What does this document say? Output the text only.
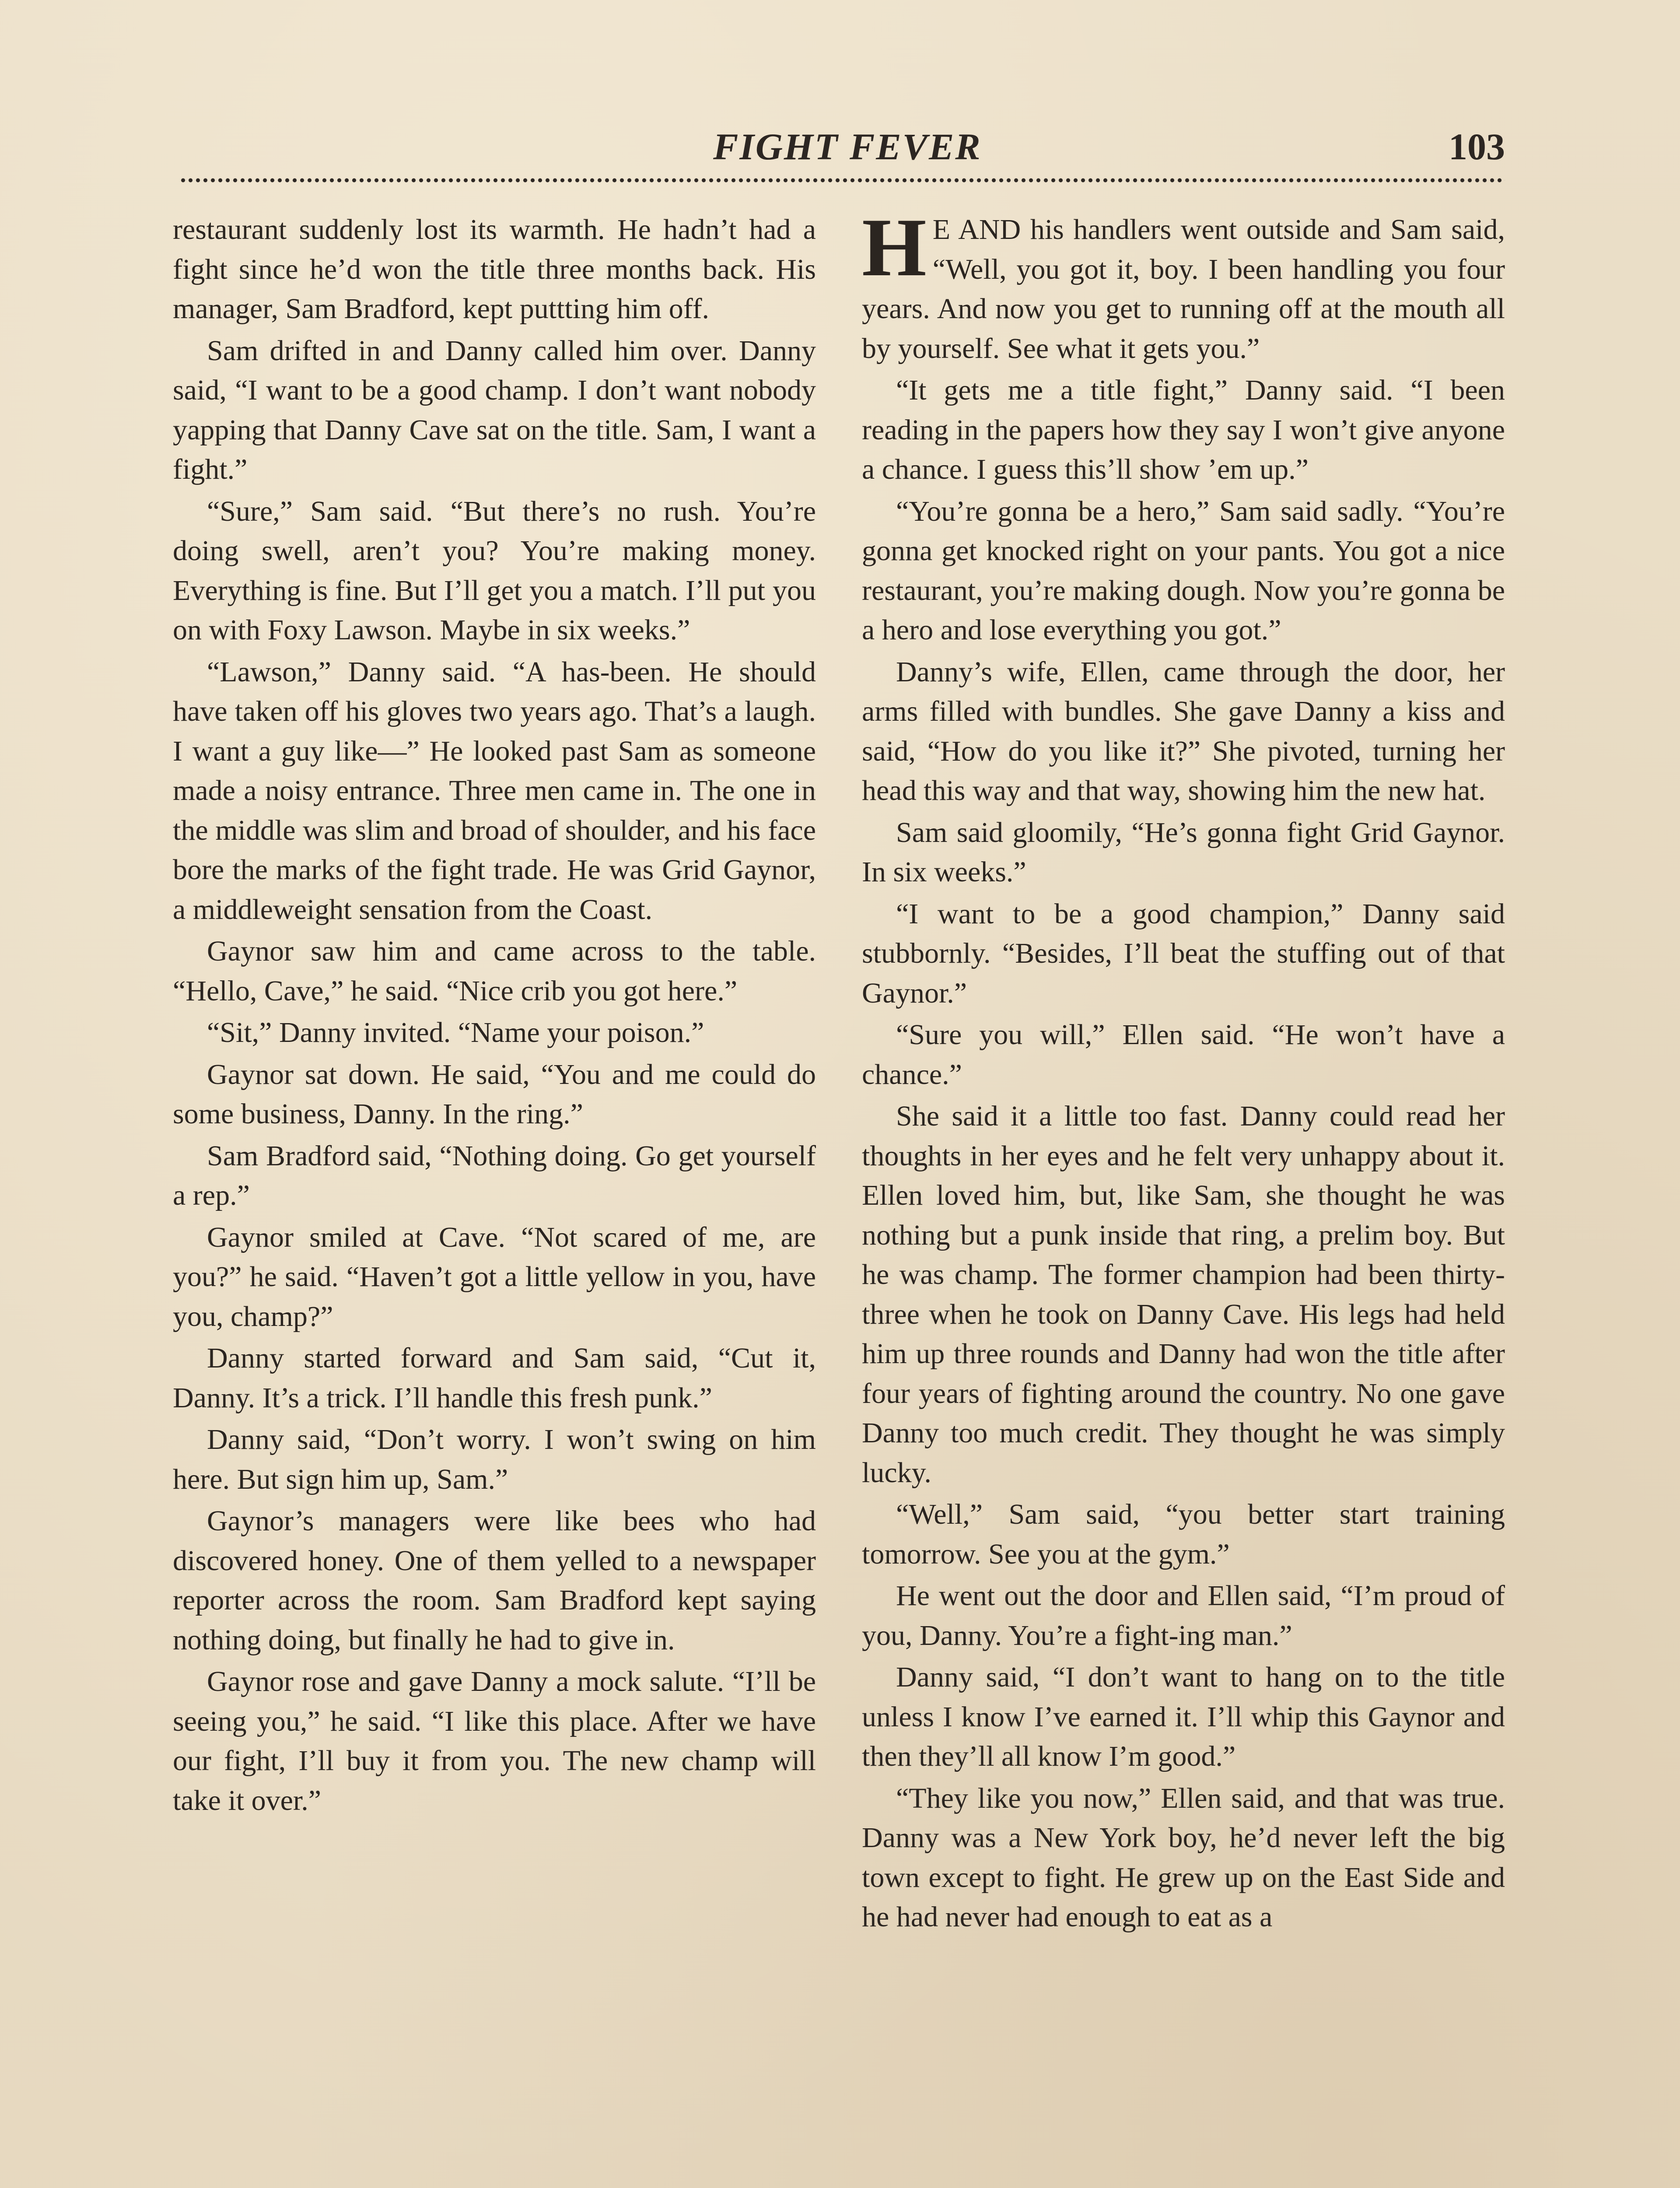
FIGHT FEVER	103

restaurant suddenly lost its warmth. He hadn’t had a fight since he’d won the title three months back. His manager, Sam Bradford, kept puttting him off.

Sam drifted in and Danny called him over. Danny said, “I want to be a good champ. I don’t want nobody yapping that Danny Cave sat on the title. Sam, I want a fight.”

“Sure,” Sam said. “But there’s no rush. You’re doing swell, aren’t you? You’re making money. Everything is fine. But I’ll get you a match. I’ll put you on with Foxy Lawson. Maybe in six weeks.”

“Lawson,” Danny said. “A has-been. He should have taken off his gloves two years ago. That’s a laugh. I want a guy like—” He looked past Sam as someone made a noisy entrance. Three men came in. The one in the middle was slim and broad of shoulder, and his face bore the marks of the fight trade. He was Grid Gaynor, a middleweight sensation from the Coast.

Gaynor saw him and came across to the table. “Hello, Cave,” he said. “Nice crib you got here.”

“Sit,” Danny invited. “Name your poison.”

Gaynor sat down. He said, “You and me could do some business, Danny. In the ring.”

Sam Bradford said, “Nothing doing. Go get yourself a rep.”

Gaynor smiled at Cave. “Not scared of me, are you?” he said. “Haven’t got a little yellow in you, have you, champ?”

Danny started forward and Sam said, “Cut it, Danny. It’s a trick. I’ll handle this fresh punk.”

Danny said, “Don’t worry. I won’t swing on him here. But sign him up, Sam.”

Gaynor’s managers were like bees who had discovered honey. One of them yelled to a newspaper reporter across the room. Sam Bradford kept saying nothing doing, but finally he had to give in.

Gaynor rose and gave Danny a mock salute. “I’ll be seeing you,” he said. “I like this place. After we have our fight, I’ll buy it from you. The new champ will take it over.”

H E AND his handlers went outside and Sam said, “Well, you got it, boy. I been handling you four years. And now you get to running off at the mouth all by yourself. See what it gets you.”

“It gets me a title fight,” Danny said. “I been reading in the papers how they say I won’t give anyone a chance. I guess this’ll show ’em up.”

“You’re gonna be a hero,” Sam said sadly. “You’re gonna get knocked right on your pants. You got a nice restaurant, you’re making dough. Now you’re gonna be a hero and lose everything you got.”

Danny’s wife, Ellen, came through the door, her arms filled with bundles. She gave Danny a kiss and said, “How do you like it?” She pivoted, turning her head this way and that way, showing him the new hat.

Sam said gloomily, “He’s gonna fight Grid Gaynor. In six weeks.”

“I want to be a good champion,” Danny said stubbornly. “Besides, I’ll beat the stuffing out of that Gaynor.”

“Sure you will,” Ellen said. “He won’t have a chance.”

She said it a little too fast. Danny could read her thoughts in her eyes and he felt very unhappy about it. Ellen loved him, but, like Sam, she thought he was nothing but a punk inside that ring, a prelim boy. But he was champ. The former champion had been thirty-three when he took on Danny Cave. His legs had held him up three rounds and Danny had won the title after four years of fighting around the country. No one gave Danny too much credit. They thought he was simply lucky.

“Well,” Sam said, “you better start training tomorrow. See you at the gym.”

He went out the door and Ellen said, “I’m proud of you, Danny. You’re a fight-ing man.”

Danny said, “I don’t want to hang on to the title unless I know I’ve earned it. I’ll whip this Gaynor and then they’ll all know I’m good.”

“They like you now,” Ellen said, and that was true. Danny was a New York boy, he’d never left the big town except to fight. He grew up on the East Side and he had never had enough to eat as a
